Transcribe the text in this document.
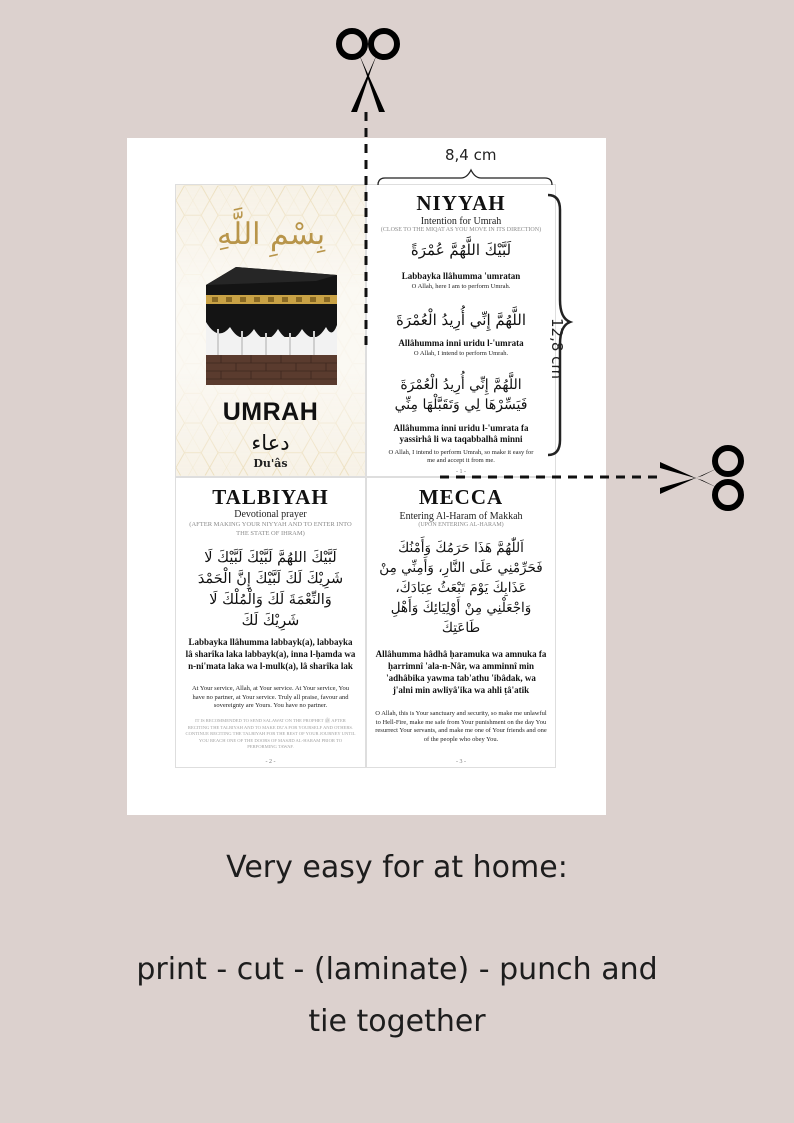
بِسْمِ اللَّهِ
UMRAH
دعاء
Du'âs
NIYYAH
Intention for Umrah
(CLOSE TO THE MIQAT AS YOU MOVE IN ITS DIRECTION)
لَبَّيْكَ اللَّهُمَّ عُمْرَةً
Labbayka llâhumma 'umratan
O Allah, here I am to perform Umrah.
اللَّهُمَّ إِنِّي أُرِيدُ الْعُمْرَةَ
Allâhumma inni uridu l-'umrata
O Allah, I intend to perform Umrah.
اللَّهُمَّ إِنِّي أُرِيدُ الْعُمْرَةَ فَيَسِّرْهَا لِي وَتَقَبَّلْهَا مِنِّي
Allâhumma inni uridu l-'umrata fa yassirhâ li wa taqabbalhâ minni
O Allah, I intend to perform Umrah, so make it easy for me and accept it from me.
- 1 -
TALBIYAH
Devotional prayer
(AFTER MAKING YOUR NIYYAH AND TO ENTER INTO THE STATE OF IHRAM)
لَبَّيْكَ اللهُمَّ لَبَّيْكَ لَبَّيْكَ لَا شَرِيْكَ لَكَ لَبَّيْكَ إِنَّ الْحَمْدَ وَالنِّعْمَةَ لَكَ وَالْمُلْكَ لَا شَرِيْكَ لَكَ
Labbayka llâhumma labbayk(a), labbayka lâ sharîka laka labbayk(a), inna l-ḥamda wa n-ni'mata laka wa l-mulk(a), lâ sharîka lak
At Your service, Allah, at Your service. At Your service, You have no partner, at Your service. Truly all praise, favour and sovereignty are Yours. You have no partner.
IT IS RECOMMENDED TO SEND SALAWAT ON THE PROPHET ﷺ AFTER RECITING THE TALBIYAH AND TO MAKE DU'A FOR YOURSELF AND OTHERS. CONTINUE RECITING THE TALBIYAH FOR THE REST OF YOUR JOURNEY UNTIL YOU REACH ONE OF THE DOORS OF MASJID AL-HARAM PRIOR TO PERFORMING TAWAF.
- 2 -
MECCA
Entering Al-Haram of Makkah
(UPON ENTERING AL-HARAM)
اَللّٰهُمَّ هَذَا حَرَمُكَ وَأَمْنُكَ فَحَرِّمْنِي عَلَى النَّارِ، وَأَمِنِّي مِنْ عَذَابِكَ يَوْمَ تَبْعَثُ عِبَادَكَ، وَاجْعَلْنِي مِنْ أَوْلِيَائِكَ وَأَهْلِ طَاعَتِكَ
Allâhumma hâdhâ ḥaramuka wa amnuka fa ḥarrimnî 'ala-n-Nâr, wa amminnî min 'adhâbika yawma tab'athu 'ibâdak, wa j'alni min awliyâ'ika wa ahli ṭâ'atik
O Allah, this is Your sanctuary and security, so make me unlawful to Hell-Fire, make me safe from Your punishment on the day You resurrect Your servants, and make me one of Your friends and one of the people who obey You.
- 3 -
8,4 cm
12,8 cm
Very easy for at home:
print - cut - (laminate) - punch and
tie together
